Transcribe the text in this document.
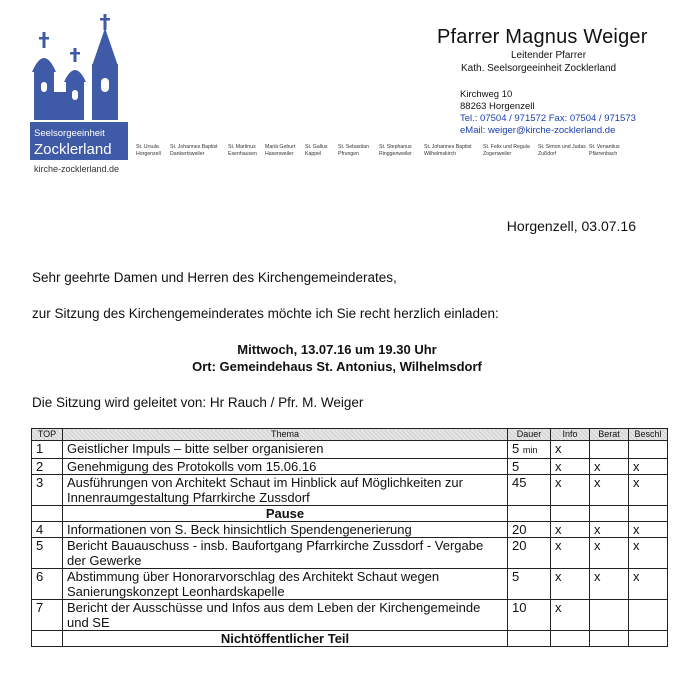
Seelsorgeeinheit
Zocklerland
kirche-zocklerland.de
Pfarrer Magnus Weiger
Leitender Pfarrer
Kath. Seelsorgeeinheit Zocklerland
Kirchweg 10
88263 Horgenzell
Tel.: 07504 / 971572 Fax: 07504 / 971573
eMail: weiger@kirche-zocklerland.de
St. Ursula
Horgenzell
St. Johannes Baptist
Dankertsweiler
St. Martinus
Esenhausen
Mariä Geburt
Hasenweiler
St. Gallus
Kappel
St. Sebastian
Pfrungen
St. Stephanus
Ringgenweiler
St. Johannes Baptist
Wilhelmskirch
St. Felix und Regula
Zogenweiler
St. Simon und Judas
Zußdorf
St. Venantius
Pfärrenbach
Horgenzell, 03.07.16
Sehr geehrte Damen und Herren des Kirchengemeinderates,
zur Sitzung des Kirchengemeinderates möchte ich Sie recht herzlich einladen:
Mittwoch, 13.07.16 um 19.30 Uhr
Ort: Gemeindehaus St. Antonius, Wilhelmsdorf
Die Sitzung wird geleitet von: Hr Rauch / Pfr. M. Weiger
TOP	Thema	Dauer	Info	Berat	Beschl
1	Geistlicher Impuls – bitte selber organisieren	5 min	x		
2	Genehmigung des Protokolls vom 15.06.16	5	x	x	x
3	Ausführungen von Architekt Schaut im Hinblick auf Möglichkeiten zur Innenraumgestaltung Pfarrkirche Zussdorf	45	x	x	x
	Pause				
4	Informationen von S. Beck hinsichtlich Spendengenerierung	20	x	x	x
5	Bericht Bauauschuss - insb. Baufortgang Pfarrkirche Zussdorf - Vergabe der Gewerke	20	x	x	x
6	Abstimmung über Honorarvorschlag des Architekt Schaut wegen Sanierungskonzept Leonhardskapelle	5	x	x	x
7	Bericht der Ausschüsse und Infos aus dem Leben der Kirchengemeinde und SE	10	x		
	Nichtöffentlicher Teil				
